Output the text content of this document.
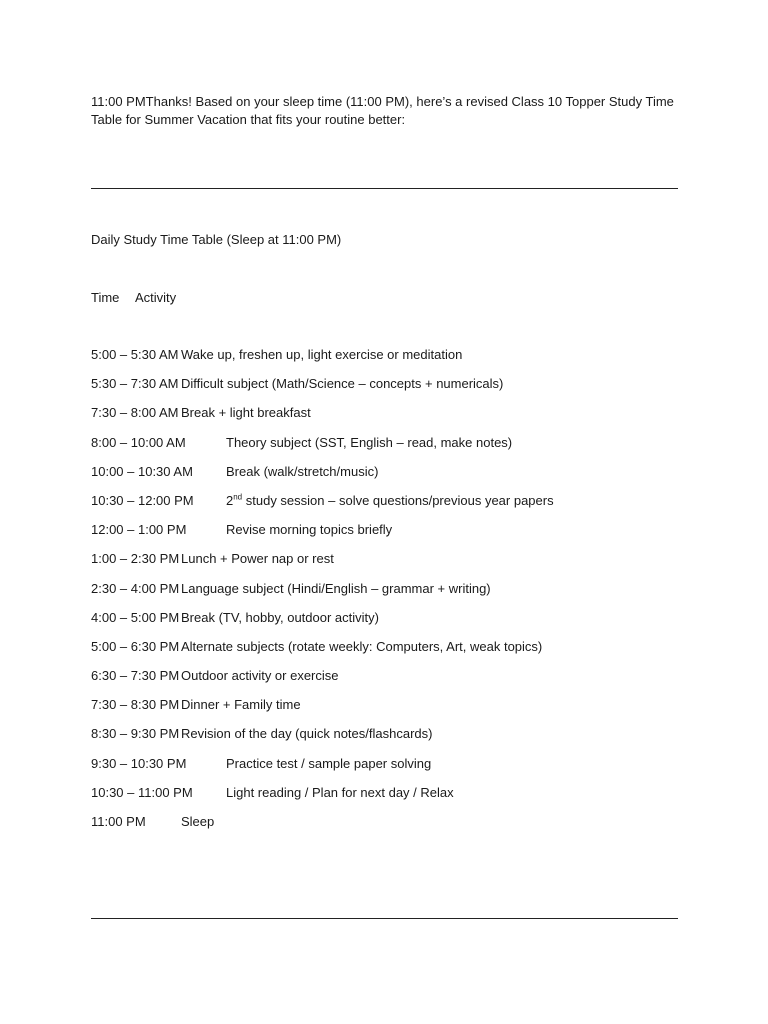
11:00 PMThanks! Based on your sleep time (11:00 PM), here’s a revised Class 10 Topper Study Time Table for Summer Vacation that fits your routine better:

Daily Study Time Table (Sleep at 11:00 PM)

Time Activity
5:00 – 5:30 AM Wake up, freshen up, light exercise or meditation
5:30 – 7:30 AM Difficult subject (Math/Science – concepts + numericals)
7:30 – 8:00 AM Break + light breakfast
8:00 – 10:00 AM	Theory subject (SST, English – read, make notes)
10:00 – 10:30 AM	Break (walk/stretch/music)
10:30 – 12:00 PM 2nd study session – solve questions/previous year papers
12:00 – 1:00 PM	Revise morning topics briefly
1:00 – 2:30 PM Lunch + Power nap or rest
2:30 – 4:00 PM Language subject (Hindi/English – grammar + writing)
4:00 – 5:00 PM Break (TV, hobby, outdoor activity)
5:00 – 6:30 PM Alternate subjects (rotate weekly: Computers, Art, weak topics)
6:30 – 7:30 PM Outdoor activity or exercise
7:30 – 8:30 PM Dinner + Family time
8:30 – 9:30 PM Revision of the day (quick notes/flashcards)
9:30 – 10:30 PM	Practice test / sample paper solving
10:30 – 11:00 PM	Light reading / Plan for next day / Relax
11:00 PM	Sleep
